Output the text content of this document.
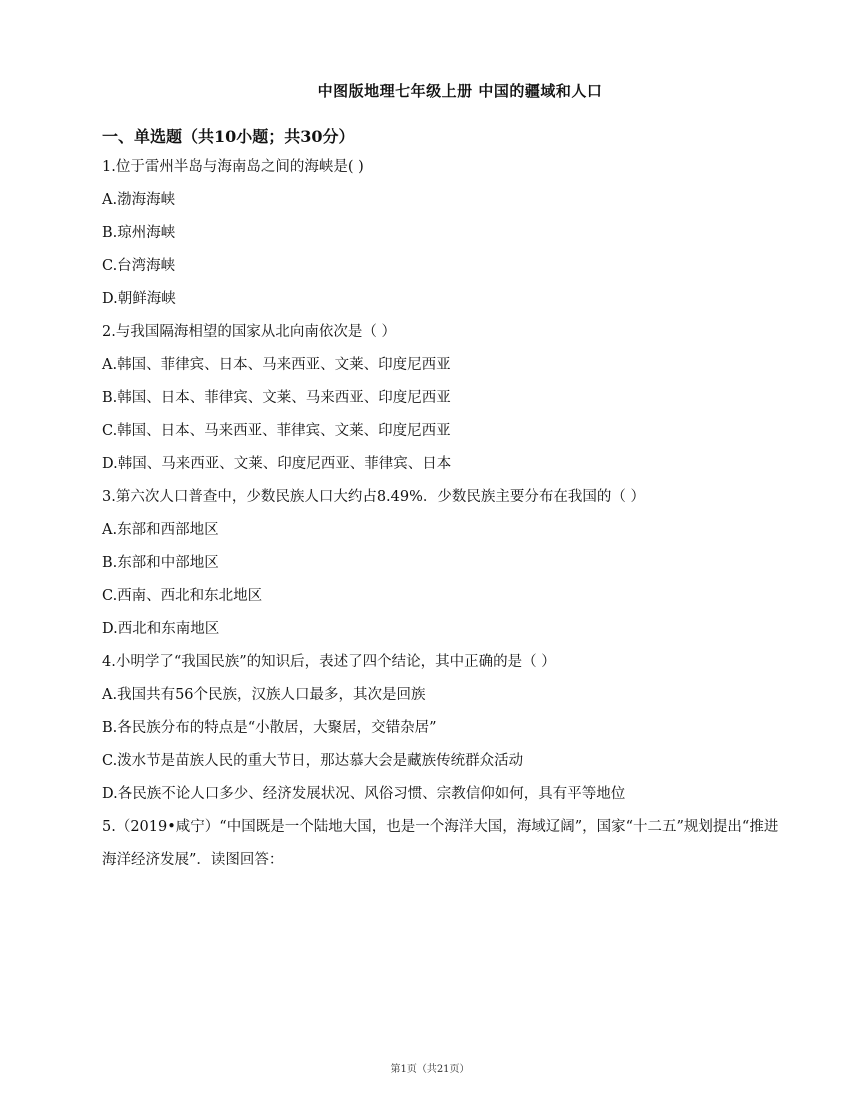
中图版地理七年级上册 中国的疆域和人口
一、单选题（共10小题；共30分）
1.位于雷州半岛与海南岛之间的海峡是( )
A.渤海海峡
B.琼州海峡
C.台湾海峡
D.朝鲜海峡
2.与我国隔海相望的国家从北向南依次是（ ）
A.韩国、菲律宾、日本、马来西亚、文莱、印度尼西亚
B.韩国、日本、菲律宾、文莱、马来西亚、印度尼西亚
C.韩国、日本、马来西亚、菲律宾、文莱、印度尼西亚
D.韩国、马来西亚、文莱、印度尼西亚、菲律宾、日本
3.第六次人口普查中，少数民族人口大约占8.49%．少数民族主要分布在我国的（ ）
A.东部和西部地区
B.东部和中部地区
C.西南、西北和东北地区
D.西北和东南地区
4.小明学了“我国民族”的知识后，表述了四个结论，其中正确的是（ ）
A.我国共有56个民族，汉族人口最多，其次是回族
B.各民族分布的特点是“小散居，大聚居，交错杂居”
C.泼水节是苗族人民的重大节日，那达慕大会是藏族传统群众活动
D.各民族不论人口多少、经济发展状况、风俗习惯、宗教信仰如何，具有平等地位
5.（2019•咸宁）“中国既是一个陆地大国，也是一个海洋大国，海域辽阔”，国家“十二五”规划提出“推进海洋经济发展”．读图回答：
第1页（共21页）
